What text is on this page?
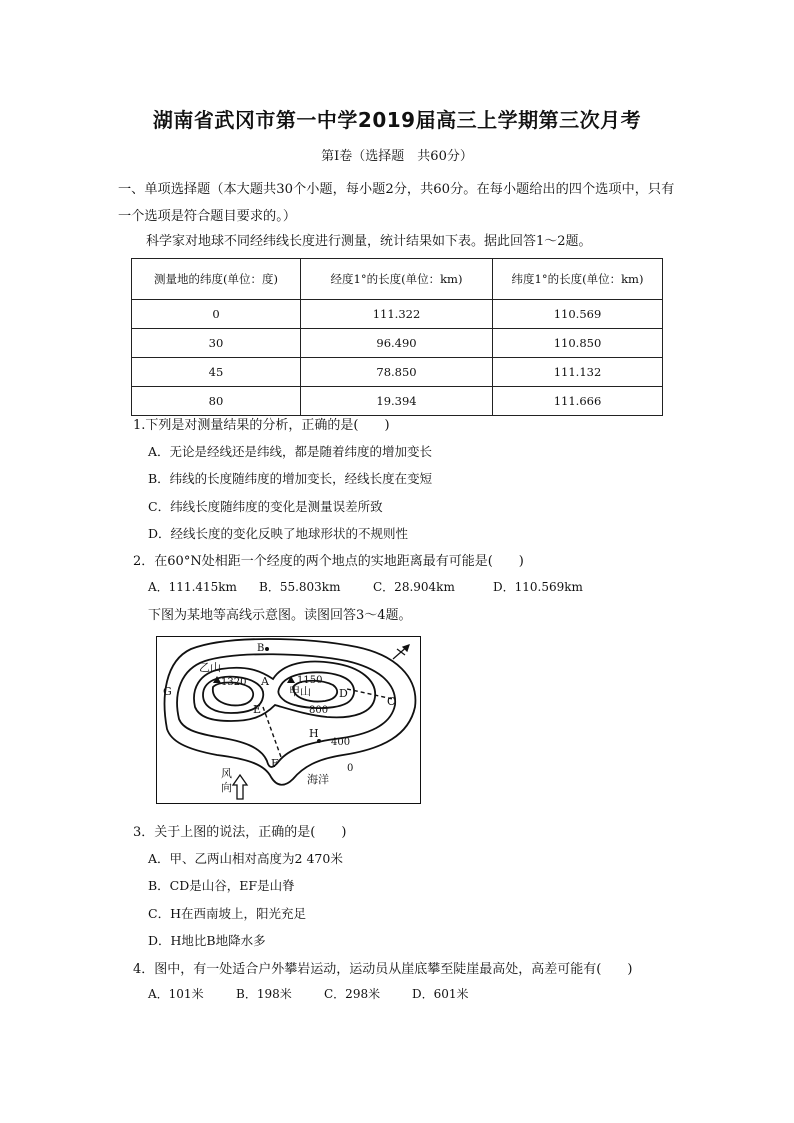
湖南省武冈市第一中学2019届高三上学期第三次月考
第Ⅰ卷（选择题　共60分）
一、单项选择题（本大题共30个小题，每小题2分，共60分。在每小题给出的四个选项中，只有一个选项是符合题目要求的。）
科学家对地球不同经纬线长度进行测量，统计结果如下表。据此回答1～2题。
测量地的纬度(单位：度)	经度1°的长度(单位：km)	纬度1°的长度(单位：km)
0	111.322	110.569
30	96.490	110.850
45	78.850	111.132
80	19.394	111.666
1.下列是对测量结果的分析，正确的是(　　)
A．无论是经线还是纬线，都是随着纬度的增加变长
B．纬线的长度随纬度的增加变长，经线长度在变短
C．纬线长度随纬度的变化是测量误差所致
D．经线长度的变化反映了地球形状的不规则性
2．在60°N处相距一个经度的两个地点的实地距离最有可能是(　　)
A．111.415km B．55.803km	C．28.904km	D．110.569km
下图为某地等高线示意图。读图回答3～4题。
B
G
A
D
C
E
H
F
乙山
1320	1150
甲山
800
400
0
海洋
风
向
3．关于上图的说法，正确的是(　　)
A．甲、乙两山相对高度为2 470米
B．CD是山谷，EF是山脊
C．H在西南坡上，阳光充足
D．H地比B地降水多
4．图中，有一处适合户外攀岩运动，运动员从崖底攀至陡崖最高处，高差可能有(　　)
A．101米	B．198米	C．298米	D．601米
